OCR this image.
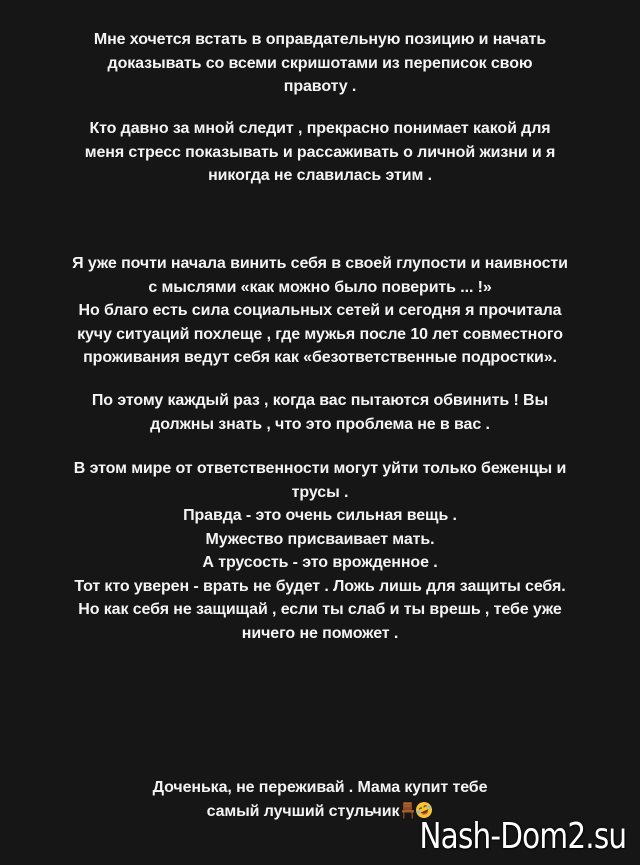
Мне хочется встать в оправдательную позицию и начать
доказывать со всеми скришотами из переписок свою
правоту .
Кто давно за мной следит , прекрасно понимает какой для
меня стресс показывать и рассаживать о личной жизни и я
никогда не славилась этим .
Я уже почти начала винить себя в своей глупости и наивности
с мыслями «как можно было поверить ... !»
Но благо есть сила социальных сетей и сегодня я прочитала
кучу ситуаций похлеще , где мужья после 10 лет совместного
проживания ведут себя как «безответственные подростки».
По этому каждый раз , когда вас пытаются обвинить ! Вы
должны знать , что это проблема не в вас .
В этом мире от ответственности могут уйти только беженцы и
трусы .
Правда - это очень сильная вещь .
Мужество присваивает мать.
А трусость - это врожденное .
Тот кто уверен - врать не будет . Ложь лишь для защиты себя.
Но как себя не защищай , если ты слаб и ты врешь , тебе уже
ничего не поможет .
Доченька, не переживай . Мама купит тебе
самый лучший стульчик
Nash-Dom2.su
